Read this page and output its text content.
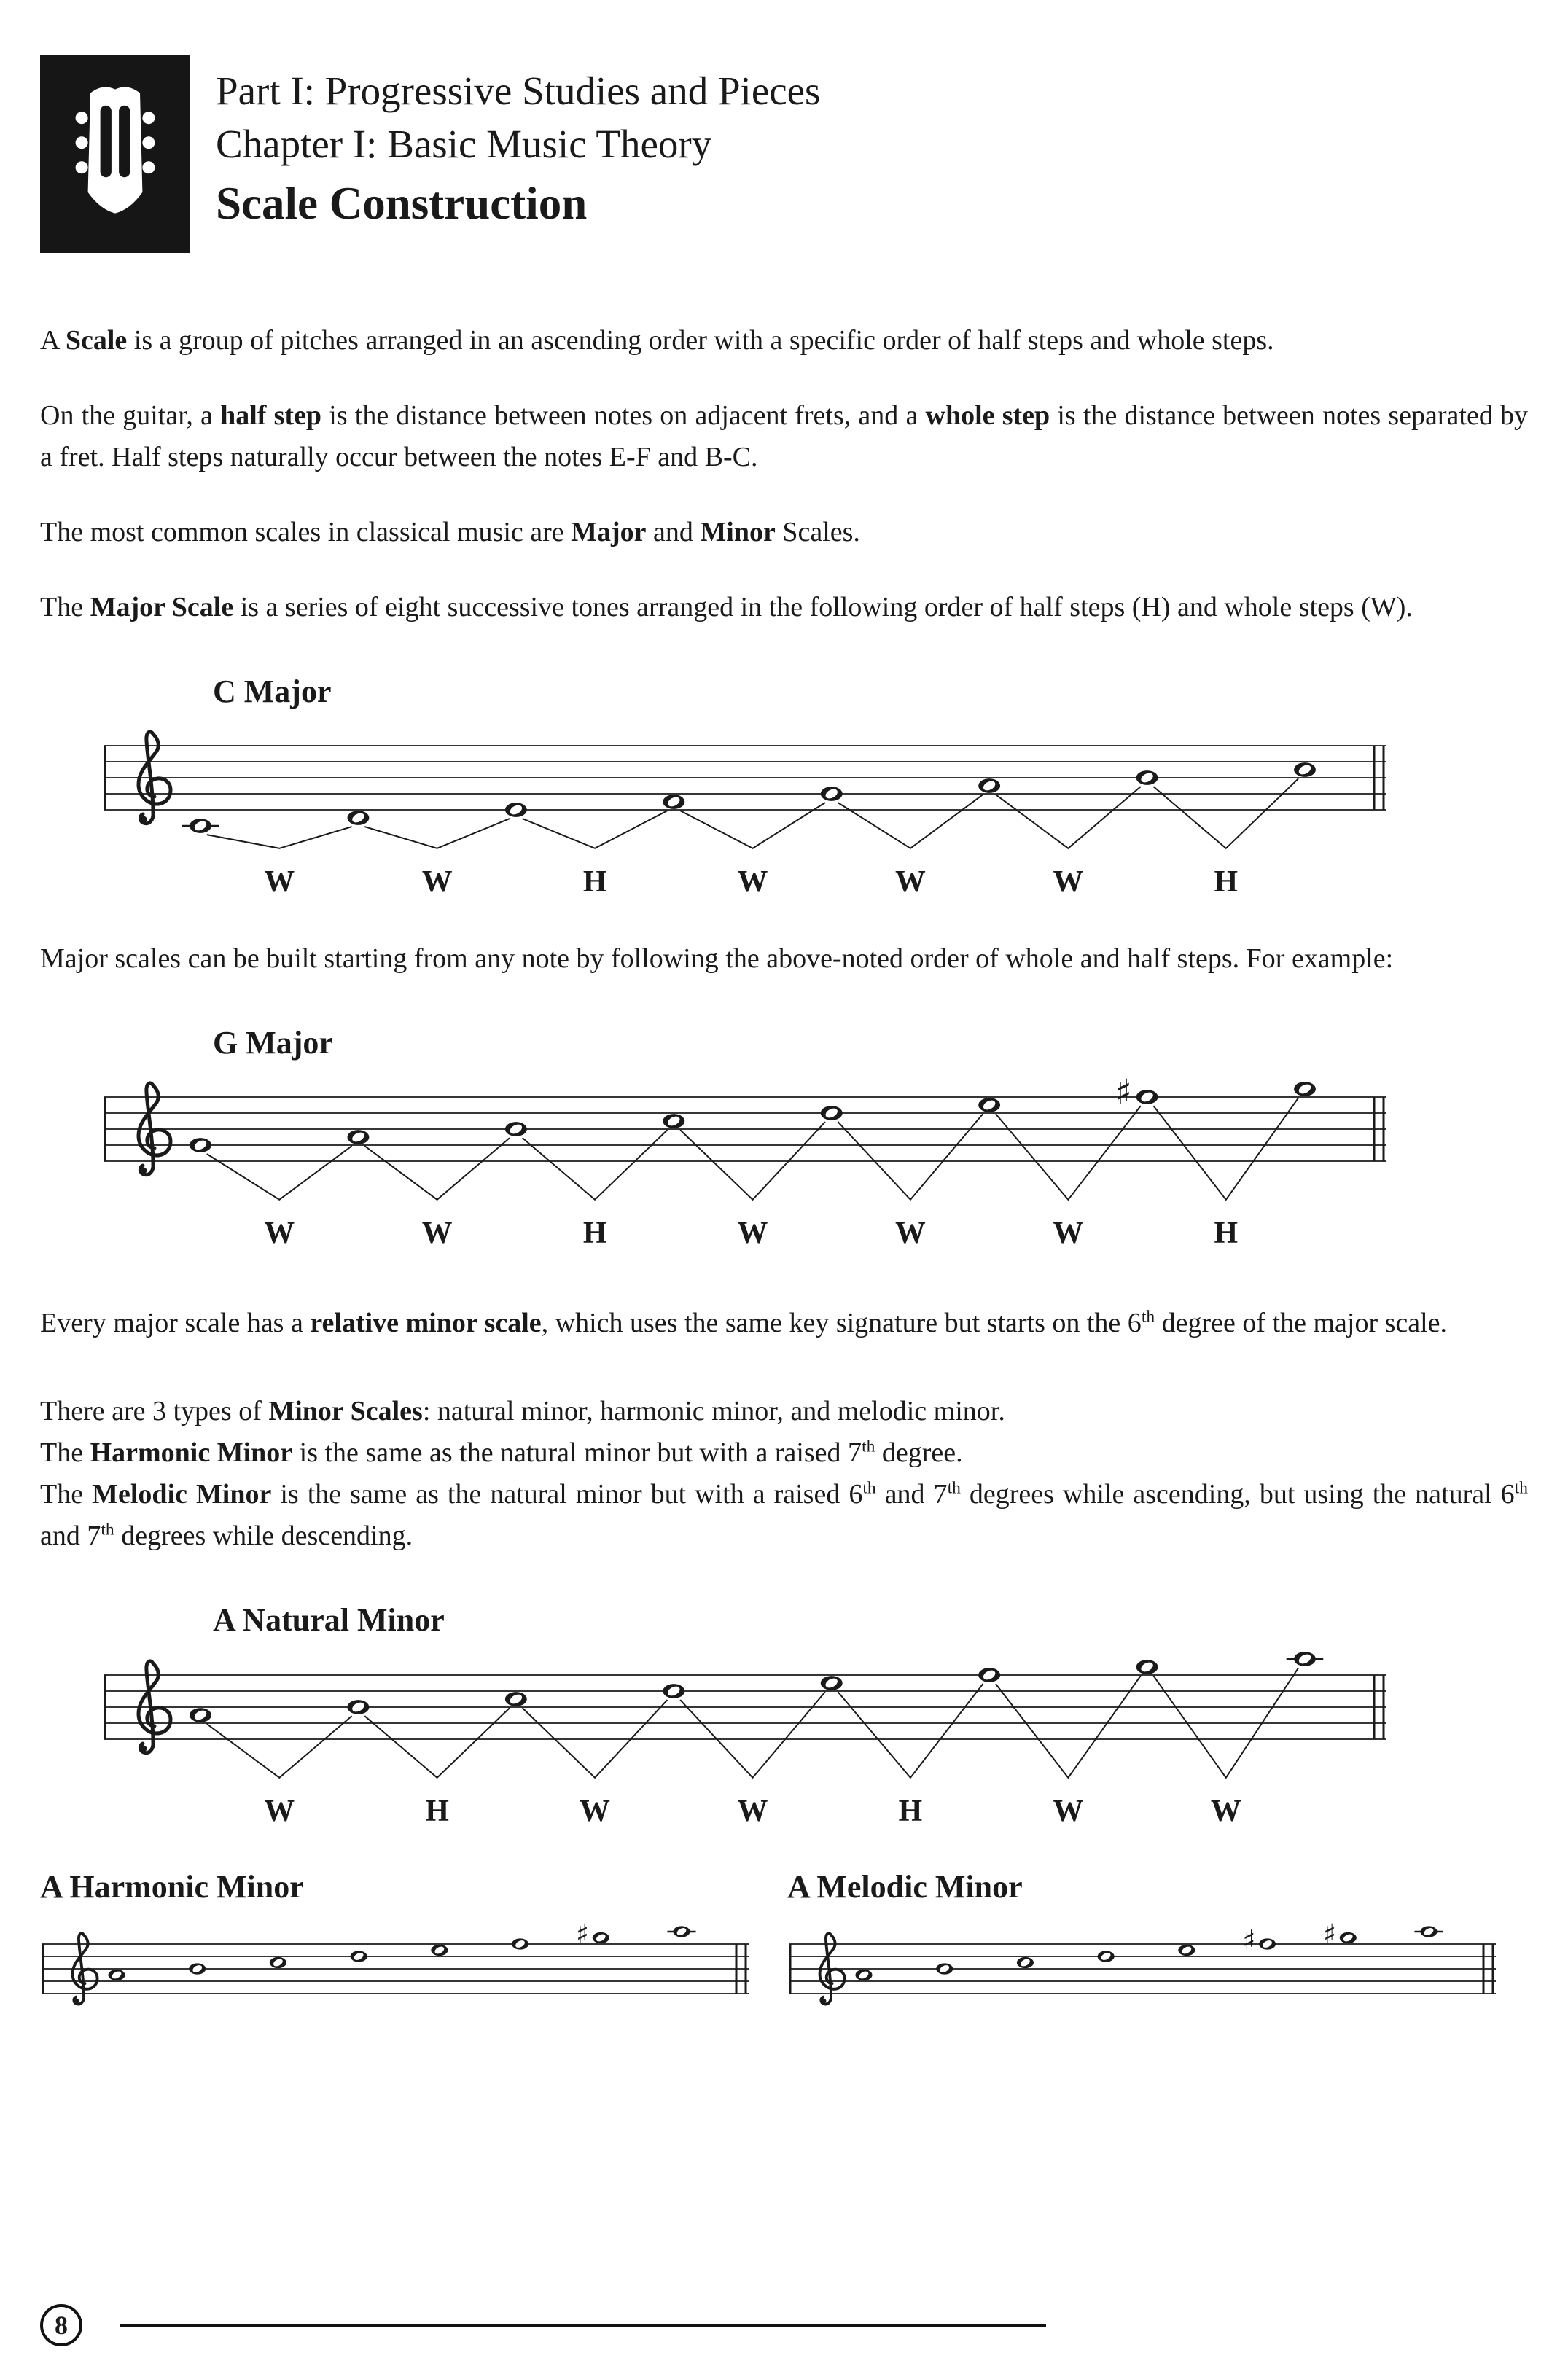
Part I: Progressive Studies and Pieces
Chapter I: Basic Music Theory
Scale Construction

A Scale is a group of pitches arranged in an ascending order with a specific order of half steps and whole steps.

On the guitar, a half step is the distance between notes on adjacent frets, and a whole step is the distance between notes separated by a fret. Half steps naturally occur between the notes E-F and B-C.

The most common scales in classical music are Major and Minor Scales.

The Major Scale is a series of eight successive tones arranged in the following order of half steps (H) and whole steps (W).

C Major
W	W	H	W	W	W	H

Major scales can be built starting from any note by following the above-noted order of whole and half steps. For example:

G Major
♯
W	W	H	W	W	W	H

Every major scale has a relative minor scale, which uses the same key signature but starts on the 6th degree of the major scale.

There are 3 types of Minor Scales: natural minor, harmonic minor, and melodic minor.

The Harmonic Minor is the same as the natural minor but with a raised 7th degree.

The Melodic Minor is the same as the natural minor but with a raised 6th and 7th degrees while ascending, but using the natural 6th and 7th degrees while descending.

A Natural Minor
W	H	W	W	H	W	W
A Harmonic Minor
♯
A Melodic Minor
♯ ♯
8
